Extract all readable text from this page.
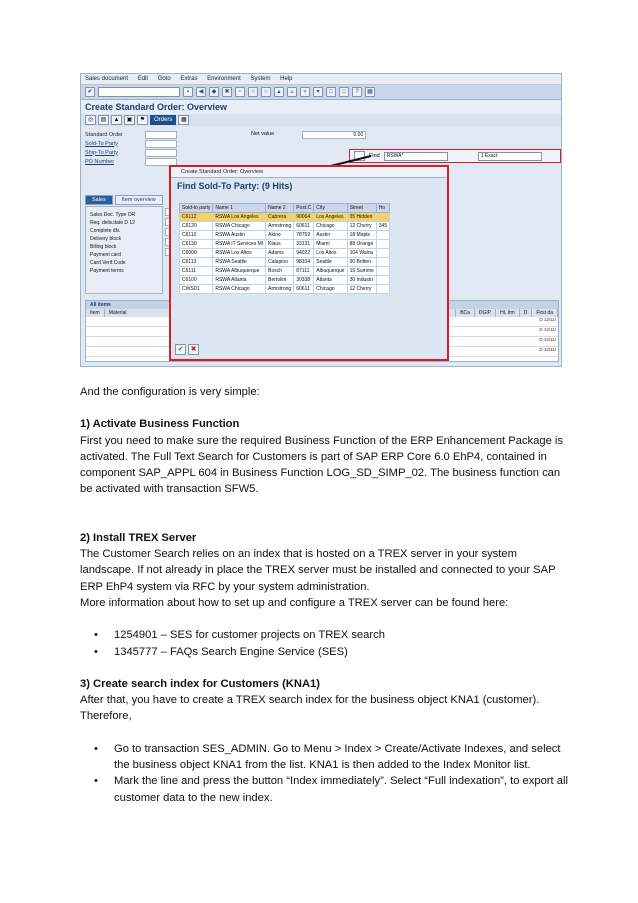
Sales document Edit Goto Extras Environment System Help
✔	▪	◀	◆	✖	▫	○	○	▴	▵	▿	▾	□	□	?	▦
Create Standard Order: Overview
◎	▤	▲	▣	⚑	Orders	▦
Standard Order
Sold-To Party
Ship-To Party
PO Number
Net value	0.00
Sales	Item overview
Sales Doc. Type OR
Req. deliv.date D 12
Complete dlv.
Delivery block
Billing block
Payment card
Card Verif.Code
Payment terms
All items
Item	Material	BCa	DGIP	HL Itm	D	First da
D 12/11/
D 12/11/
D 12/11/
D 12/11/
Find	RSWA*	1 Exact
Create Standard Order: Overview
Find Sold-To Party: (9 Hits)
Sold-to party	Name 1	Name 2	Post.C	City	Street	Ho
C6112	RSWA Los Angeles	Cabrera	90064	Los Angeles	35 Hidden	
C6120	RSWA Chicago	Armstrong	60611	Chicago	12 Cherry	345
C6110	RSWA Austin	Akino	78759	Austin	18 Maple	
C6130	RSWA IT Services MI	Klaus	33131	Miami	88 Orange	
C6000	RSWA Los Altos	Adams	94022	Los Altos	104 Walnu	
C6113	RSWA Seattle	Calapino	98104	Seattle	90 Britten	
C6111	RSWA Albuquerque	Bosch	87111	Albuquerque	15 Summe	
C6100	RSWA Atlanta	Bertolini	30338	Atlanta	30 Industri	
CWSD1	RSWA Chicago	Armstrong	60611	Chicago	12 Cherry	
✔	✖

And the configuration is very simple:

1) Activate Business Function

First you need to make sure the required Business Function of the ERP Enhancement Package is activated. The Full Text Search for Customers is part of SAP ERP Core 6.0 EhP4, contained in component SAP_APPL 604 in Business Function LOG_SD_SIMP_02. The business function can be activated with transaction SFW5.

2) Install TREX Server

The Customer Search relies on an index that is hosted on a TREX server in your system landscape. If not already in place the TREX server must be installed and connected to your SAP ERP EhP4 system via RFC by your system administration.

More information about how to set up and configure a TREX server can be found here:

• 1254901 – SES for customer projects on TREX search
• 1345777 – FAQs Search Engine Service (SES)

3) Create search index for Customers (KNA1)

After that, you have to create a TREX search index for the business object KNA1 (customer). Therefore,

• Go to transaction SES_ADMIN. Go to Menu > Index > Create/Activate Indexes, and select the business object KNA1 from the list. KNA1 is then added to the Index Monitor list.
• Mark the line and press the button “Index immediately”. Select “Full indexation”, to export all customer data to the new index.
